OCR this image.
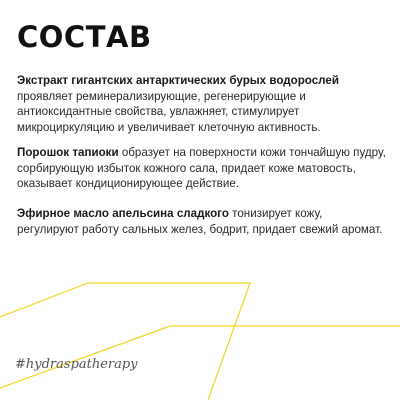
СОСТАВ

Экстракт гигантских антарктических бурых водорослей проявляет реминерализирующие, регенерирующие и антиоксидантные свойства, увлажняет, стимулирует микроциркуляцию и увеличивает клеточную активность.

Порошок тапиоки образует на поверхности кожи тончайшую пудру, сорбирующую избыток кожного сала, придает коже матовость, оказывает кондиционирующее действие.

Эфирное масло апельсина сладкого тонизирует кожу, регулируют работу сальных желез, бодрит, придает свежий аромат.

#hydraspatherapy
